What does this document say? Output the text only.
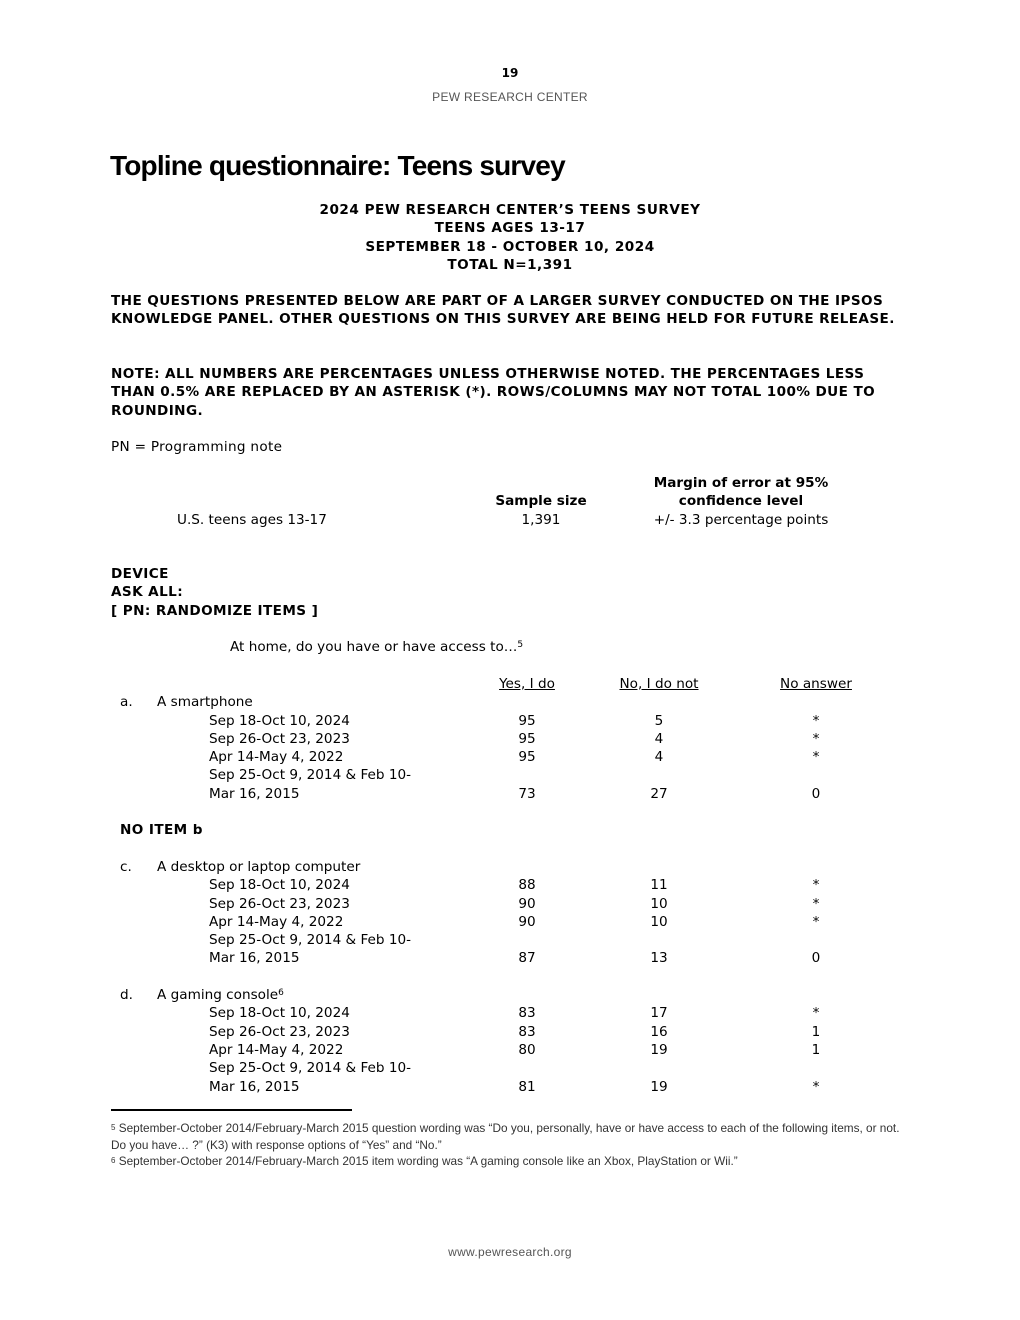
19
PEW RESEARCH CENTER
Topline questionnaire: Teens survey
2024 PEW RESEARCH CENTER’S TEENS SURVEY
TEENS AGES 13-17
SEPTEMBER 18 - OCTOBER 10, 2024
TOTAL N=1,391
THE QUESTIONS PRESENTED BELOW ARE PART OF A LARGER SURVEY CONDUCTED ON THE IPSOS KNOWLEDGE PANEL. OTHER QUESTIONS ON THIS SURVEY ARE BEING HELD FOR FUTURE RELEASE.
NOTE: ALL NUMBERS ARE PERCENTAGES UNLESS OTHERWISE NOTED. THE PERCENTAGES LESS THAN 0.5% ARE REPLACED BY AN ASTERISK (*). ROWS/COLUMNS MAY NOT TOTAL 100% DUE TO ROUNDING.
PN = Programming note
Sample size
Margin of error at 95%
confidence level
U.S. teens ages 13-17	1,391	+/- 3.3 percentage points
DEVICE
ASK ALL:
[ PN: RANDOMIZE ITEMS ]
At home, do you have or have access to…$^5$
Yes, I do	No, I do not	No answer
a. A smartphone
Sep 18-Oct 10, 2024	95	5	*
Sep 26-Oct 23, 2023	95	4	*
Apr 14-May 4, 2022	95	4	*
Sep 25-Oct 9, 2014 & Feb 10-
Mar 16, 2015	73	27	0
NO ITEM b
c. A desktop or laptop computer
Sep 18-Oct 10, 2024	88	11	*
Sep 26-Oct 23, 2023	90	10	*
Apr 14-May 4, 2022	90	10	*
Sep 25-Oct 9, 2014 & Feb 10-
Mar 16, 2015	87	13	0
d. A gaming console$^6$
Sep 18-Oct 10, 2024	83	17	*
Sep 26-Oct 23, 2023	83	16	1
Apr 14-May 4, 2022	80	19	1
Sep 25-Oct 9, 2014 & Feb 10-
Mar 16, 2015	81	19	*
$^5$ September-October 2014/February-March 2015 question wording was “Do you, personally, have or have access to each of the following items, or not. Do you have… ?” (K3) with response options of “Yes” and “No.”
$^6$ September-October 2014/February-March 2015 item wording was “A gaming console like an Xbox, PlayStation or Wii.”
www.pewresearch.org
